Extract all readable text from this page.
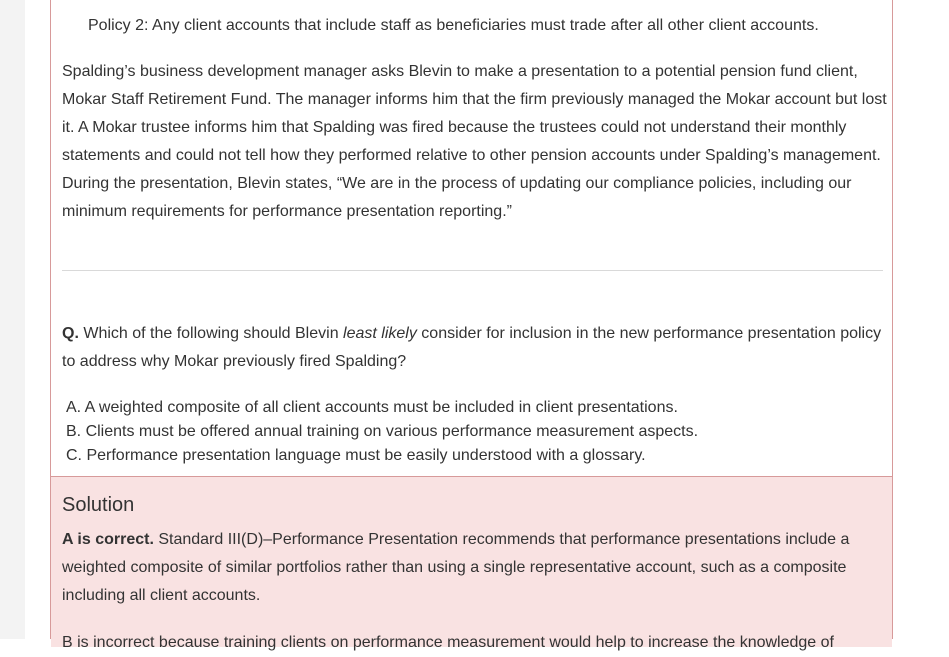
Policy 2: Any client accounts that include staff as beneficiaries must trade after all other client accounts.

Spalding’s business development manager asks Blevin to make a presentation to a potential pension fund client, Mokar Staff Retirement Fund. The manager informs him that the firm previously managed the Mokar account but lost it. A Mokar trustee informs him that Spalding was fired because the trustees could not understand their monthly statements and could not tell how they performed relative to other pension accounts under Spalding’s management. During the presentation, Blevin states, “We are in the process of updating our compliance policies, including our minimum requirements for performance presentation reporting.”

Q. Which of the following should Blevin least likely consider for inclusion in the new performance presentation policy to address why Mokar previously fired Spalding?

A. A weighted composite of all client accounts must be included in client presentations.
B. Clients must be offered annual training on various performance measurement aspects.
C. Performance presentation language must be easily understood with a glossary.
Solution

A is correct. Standard III(D)–Performance Presentation recommends that performance presentations include a weighted composite of similar portfolios rather than using a single representative account, such as a composite including all client accounts.

B is incorrect because training clients on performance measurement would help to increase the knowledge of
